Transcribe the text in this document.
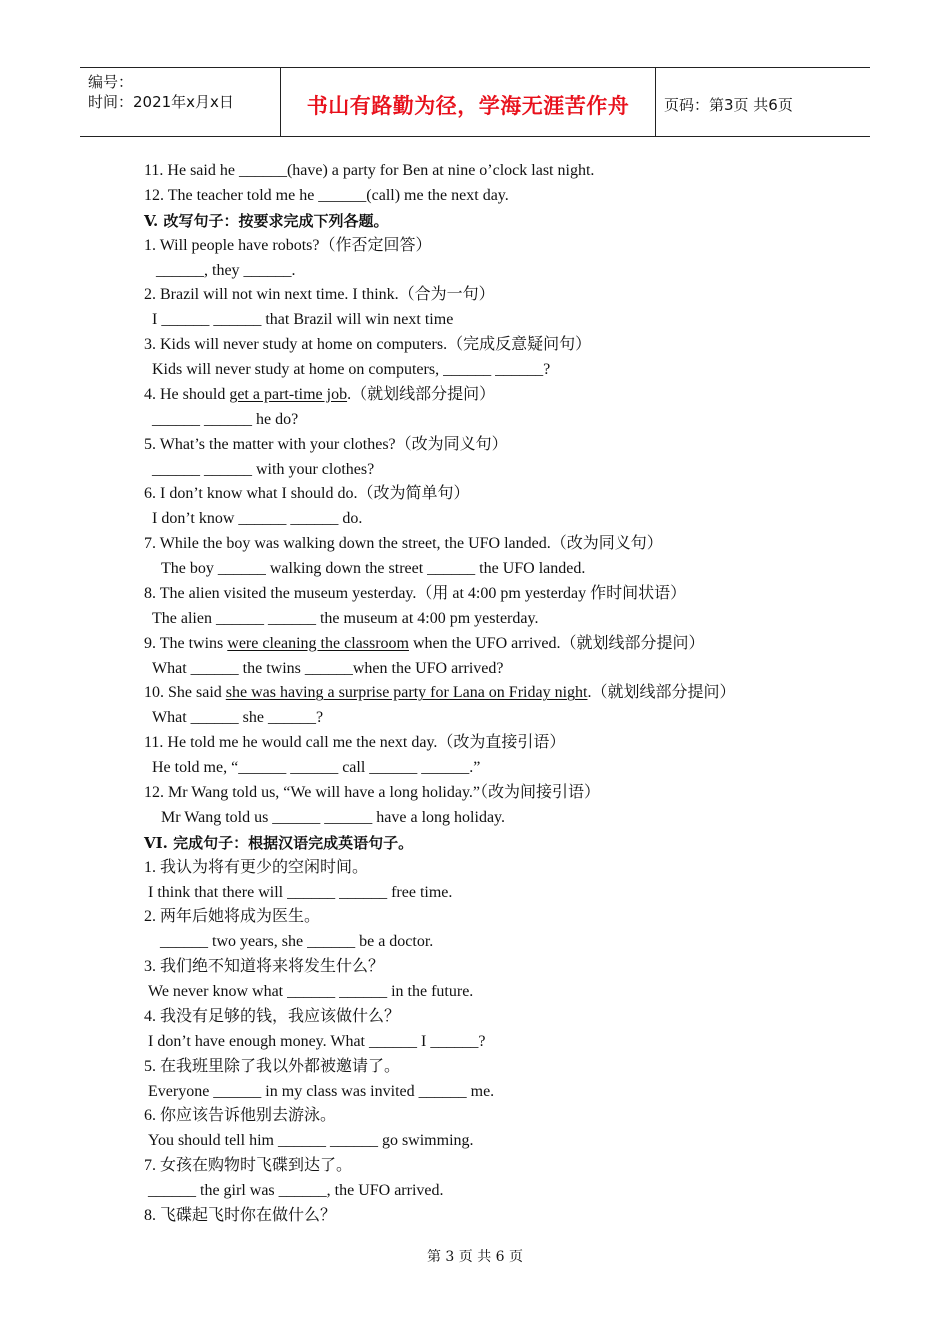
编号：
时间：2021年x月x日	书山有路勤为径，学海无涯苦作舟	页码：第3页 共6页
11. He said he ______(have) a party for Ben at nine o’clock last night.
12. The teacher told me he ______(call) me the next day.
V. 改写句子：按要求完成下列各题。
1. Will people have robots?（作否定回答）
______, they ______.
2. Brazil will not win next time. I think.（合为一句）
I ______ ______ that Brazil will win next time
3. Kids will never study at home on computers.（完成反意疑问句）
Kids will never study at home on computers, ______ ______?
4. He should get a part-time job.（就划线部分提问）
______ ______ he do?
5. What’s the matter with your clothes?（改为同义句）
______ ______ with your clothes?
6. I don’t know what I should do.（改为简单句）
I don’t know ______ ______ do.
7. While the boy was walking down the street, the UFO landed.（改为同义句）
The boy ______ walking down the street ______ the UFO landed.
8. The alien visited the museum yesterday.（用 at 4:00 pm yesterday 作时间状语）
The alien ______ ______ the museum at 4:00 pm yesterday.
9. The twins were cleaning the classroom when the UFO arrived.（就划线部分提问）
What ______ the twins ______when the UFO arrived?
10. She said she was having a surprise party for Lana on Friday night.（就划线部分提问）
What ______ she ______?
11. He told me he would call me the next day.（改为直接引语）
He told me, “______ ______ call ______ ______.”
12. Mr Wang told us, “We will have a long holiday.”（改为间接引语）
Mr Wang told us ______ ______ have a long holiday.
VI. 完成句子：根据汉语完成英语句子。
1. 我认为将有更少的空闲时间。
I think that there will ______ ______ free time.
2. 两年后她将成为医生。
______ two years, she ______ be a doctor.
3. 我们绝不知道将来将发生什么？
We never know what ______ ______ in the future.
4. 我没有足够的钱，我应该做什么？
I don’t have enough money. What ______ I ______?
5. 在我班里除了我以外都被邀请了。
Everyone ______ in my class was invited ______ me.
6. 你应该告诉他别去游泳。
You should tell him ______ ______ go swimming.
7. 女孩在购物时飞碟到达了。
______ the girl was ______, the UFO arrived.
8. 飞碟起飞时你在做什么？
第 3 页 共 6 页
